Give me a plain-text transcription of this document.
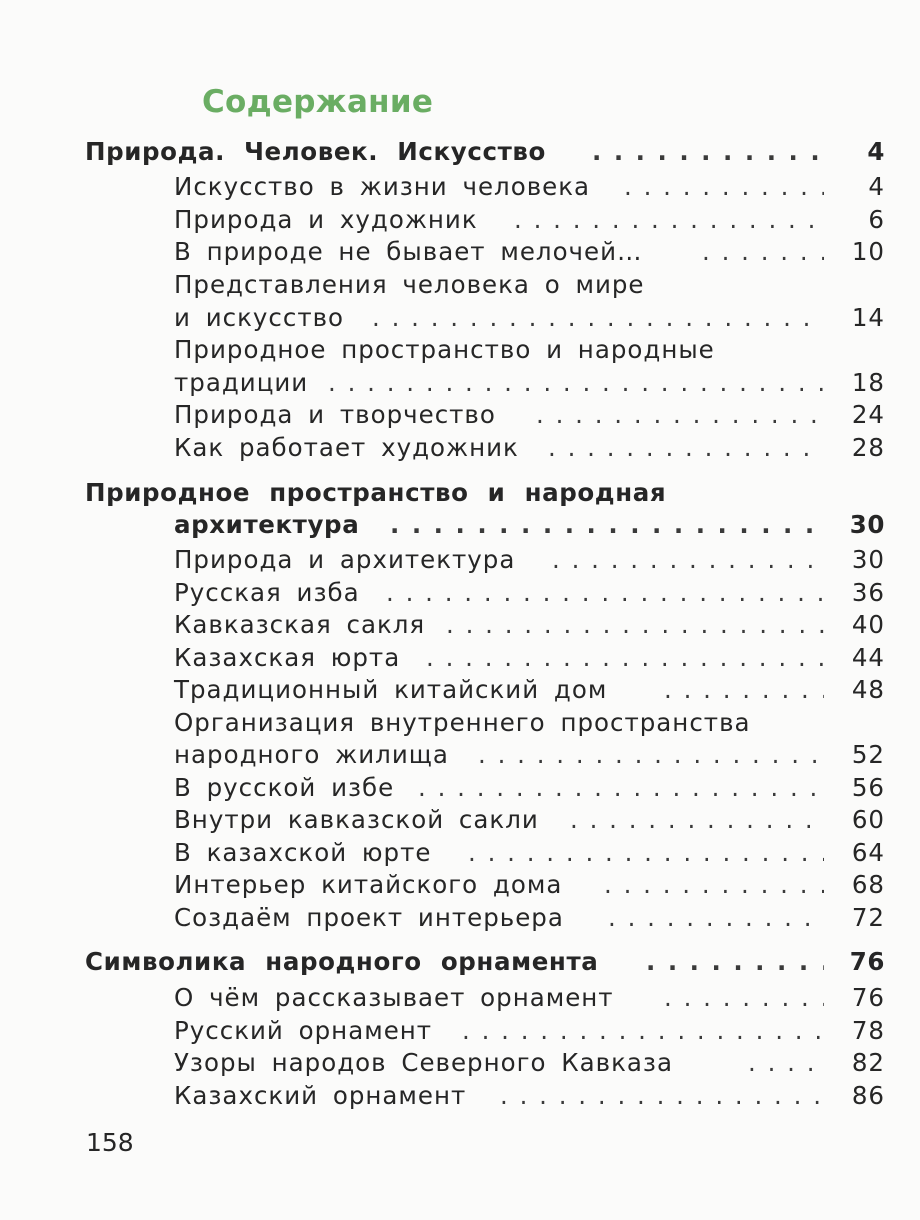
Содержание
Природа. Человек. Искусство . . .	4
Искусство в жизни человека . . .	4
Природа и художник . . .	6
В природе не бывает мелочей… . . .	10
Представления человека о мире
и искусство . . .	14
Природное пространство и народные
традиции . . .	18
Природа и творчество . . .	24
Как работает художник . . .	28
Природное пространство и народная
архитектура . . .	30
Природа и архитектура . . .	30
Русская изба . . .	36
Кавказская сакля . . .	40
Казахская юрта . . .	44
Традиционный китайский дом . . .	48
Организация внутреннего пространства
народного жилища . . .	52
В русской избе . . .	56
Внутри кавказской сакли . . .	60
В казахской юрте . . .	64
Интерьер китайского дома . . .	68
Создаём проект интерьера . . .	72
Символика народного орнамента . . .	76
О чём рассказывает орнамент . . .	76
Русский орнамент . . .	78
Узоры народов Северного Кавказа . . .	82
Казахский орнамент . . .	86
158
